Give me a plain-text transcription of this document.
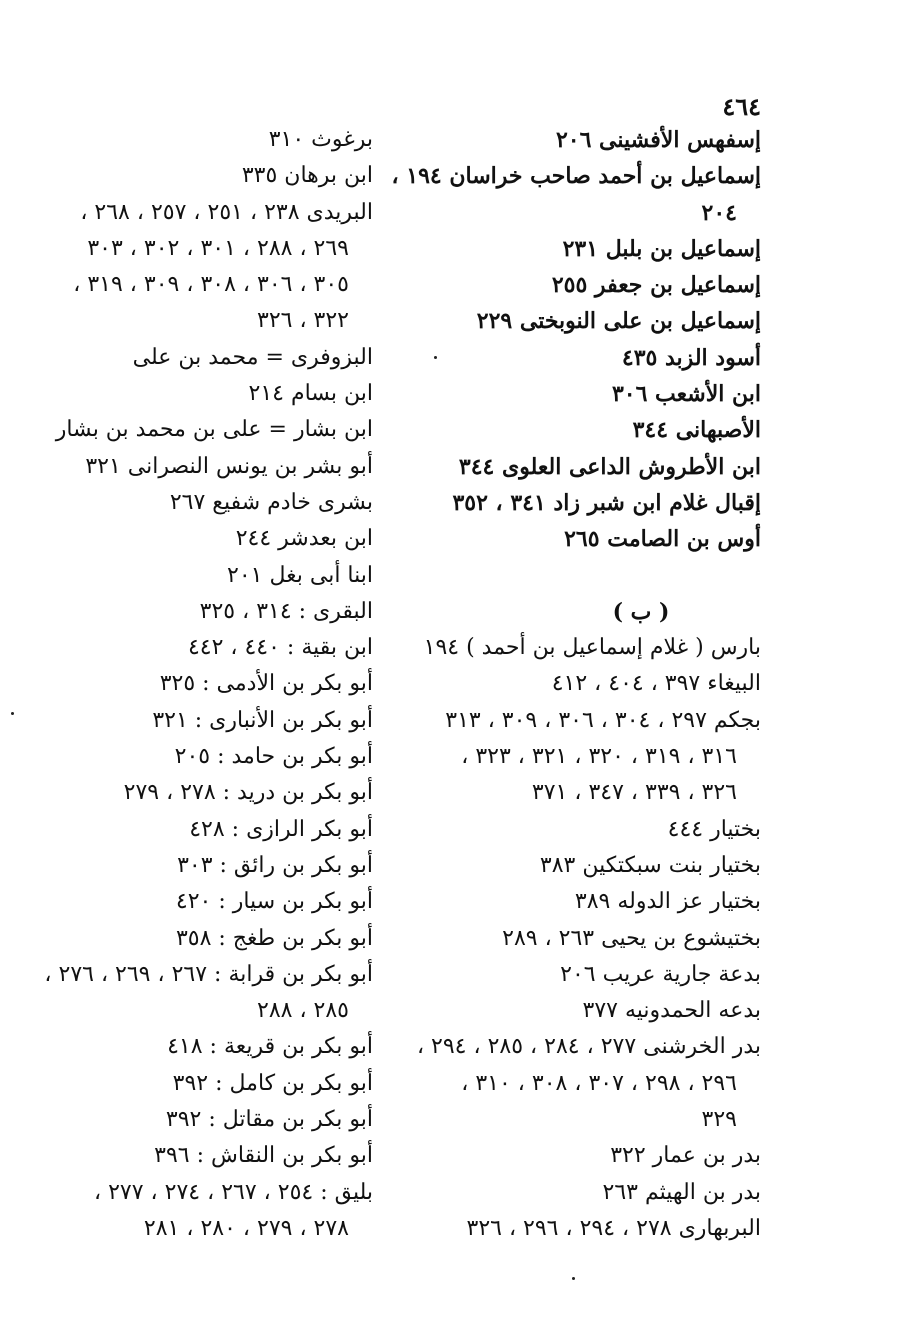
٤٦٤
إسفهس الأفشينى ٢٠٦
إسماعيل بن أحمد صاحب خراسان ١٩٤ ،
٢٠٤
إسماعيل بن بلبل ٢٣١
إسماعيل بن جعفر ٢٥٥
إسماعيل بن على النوبختى ٢٢٩
أسود الزبد ٤٣٥
ابن الأشعب ٣٠٦
الأصبهانى ٣٤٤
ابن الأطروش الداعى العلوى ٣٤٤
إقبال غلام ابن شبر زاد ٣٤١ ، ٣٥٢
أوس بن الصامت ٢٦٥
( ب )
بارس ( غلام إسماعيل بن أحمد ) ١٩٤
البيغاء ٣٩٧ ، ٤٠٤ ، ٤١٢
بجكم ٢٩٧ ، ٣٠٤ ، ٣٠٦ ، ٣٠٩ ، ٣١٣
٣١٦ ، ٣١٩ ، ٣٢٠ ، ٣٢١ ، ٣٢٣ ،
٣٢٦ ، ٣٣٩ ، ٣٤٧ ، ٣٧١
بختيار ٤٤٤
بختيار بنت سبكتكين ٣٨٣
بختيار عز الدوله ٣٨٩
بختيشوع بن يحيى ٢٦٣ ، ٢٨٩
بدعة جارية عريب ٢٠٦
بدعه الحمدونيه ٣٧٧
بدر الخرشنى ٢٧٧ ، ٢٨٤ ، ٢٨٥ ، ٢٩٤ ،
٢٩٦ ، ٢٩٨ ، ٣٠٧ ، ٣٠٨ ، ٣١٠ ،
٣٢٩
بدر بن عمار ٣٢٢
بدر بن الهيثم ٢٦٣
البربهارى ٢٧٨ ، ٢٩٤ ، ٢٩٦ ، ٣٢٦
برغوث ٣١٠
ابن برهان ٣٣٥
البريدى ٢٣٨ ، ٢٥١ ، ٢٥٧ ، ٢٦٨ ،
٢٦٩ ، ٢٨٨ ، ٣٠١ ، ٣٠٢ ، ٣٠٣
٣٠٥ ، ٣٠٦ ، ٣٠٨ ، ٣٠٩ ، ٣١٩ ،
٣٢٢ ، ٣٢٦
البزوفرى = محمد بن على
ابن بسام ٢١٤
ابن بشار = على بن محمد بن بشار
أبو بشر بن يونس النصرانى ٣٢١
بشرى خادم شفيع ٢٦٧
ابن بعدشر ٢٤٤
ابنا أبى بغل ٢٠١
البقرى : ٣١٤ ، ٣٢٥
ابن بقية : ٤٤٠ ، ٤٤٢
أبو بكر بن الأدمى : ٣٢٥
أبو بكر بن الأنبارى : ٣٢١
أبو بكر بن حامد : ٢٠٥
أبو بكر بن دريد : ٢٧٨ ، ٢٧٩
أبو بكر الرازى : ٤٢٨
أبو بكر بن رائق : ٣٠٣
أبو بكر بن سيار : ٤٢٠
أبو بكر بن طغج : ٣٥٨
أبو بكر بن قرابة : ٢٦٧ ، ٢٦٩ ، ٢٧٦ ،
٢٨٥ ، ٢٨٨
أبو بكر بن قريعة : ٤١٨
أبو بكر بن كامل : ٣٩٢
أبو بكر بن مقاتل : ٣٩٢
أبو بكر بن النقاش : ٣٩٦
بليق : ٢٥٤ ، ٢٦٧ ، ٢٧٤ ، ٢٧٧ ،
٢٧٨ ، ٢٧٩ ، ٢٨٠ ، ٢٨١
